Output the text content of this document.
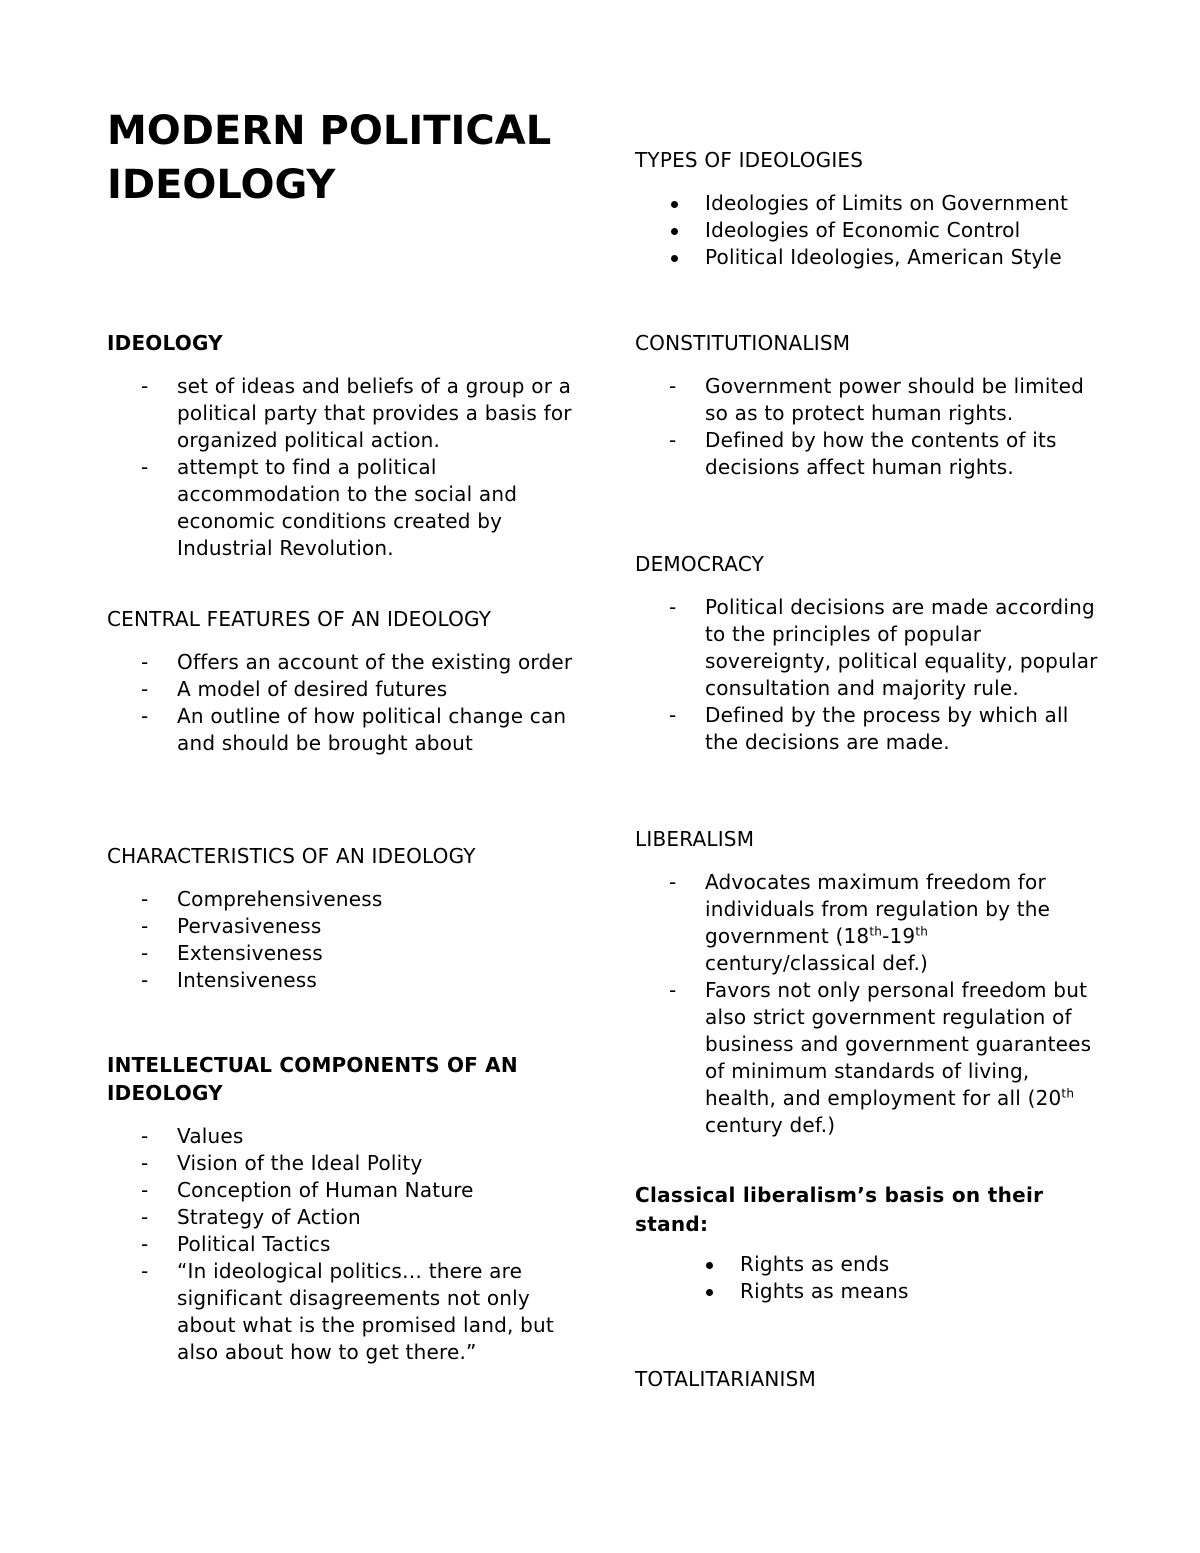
MODERN POLITICAL IDEOLOGY
IDEOLOGY
- set of ideas and beliefs of a group or a political party that provides a basis for organized political action.
- attempt to find a political accommodation to the social and economic conditions created by Industrial Revolution.
CENTRAL FEATURES OF AN IDEOLOGY
- Offers an account of the existing order
- A model of desired futures
- An outline of how political change can and should be brought about
CHARACTERISTICS OF AN IDEOLOGY
- Comprehensiveness
- Pervasiveness
- Extensiveness
- Intensiveness
INTELLECTUAL COMPONENTS OF AN IDEOLOGY
- Values
- Vision of the Ideal Polity
- Conception of Human Nature
- Strategy of Action
- Political Tactics
- “In ideological politics… there are significant disagreements not only about what is the promised land, but also about how to get there.”
TYPES OF IDEOLOGIES
Ideologies of Limits on Government
Ideologies of Economic Control
Political Ideologies, American Style
CONSTITUTIONALISM
- Government power should be limited so as to protect human rights.
- Defined by how the contents of its decisions affect human rights.
DEMOCRACY
- Political decisions are made according to the principles of popular sovereignty, political equality, popular consultation and majority rule.
- Defined by the process by which all the decisions are made.
LIBERALISM
- Advocates maximum freedom for individuals from regulation by the government (18th-19th century/classical def.)
- Favors not only personal freedom but also strict government regulation of business and government guarantees of minimum standards of living, health, and employment for all (20th century def.)
Classical liberalism’s basis on their stand:
Rights as ends
Rights as means
TOTALITARIANISM
